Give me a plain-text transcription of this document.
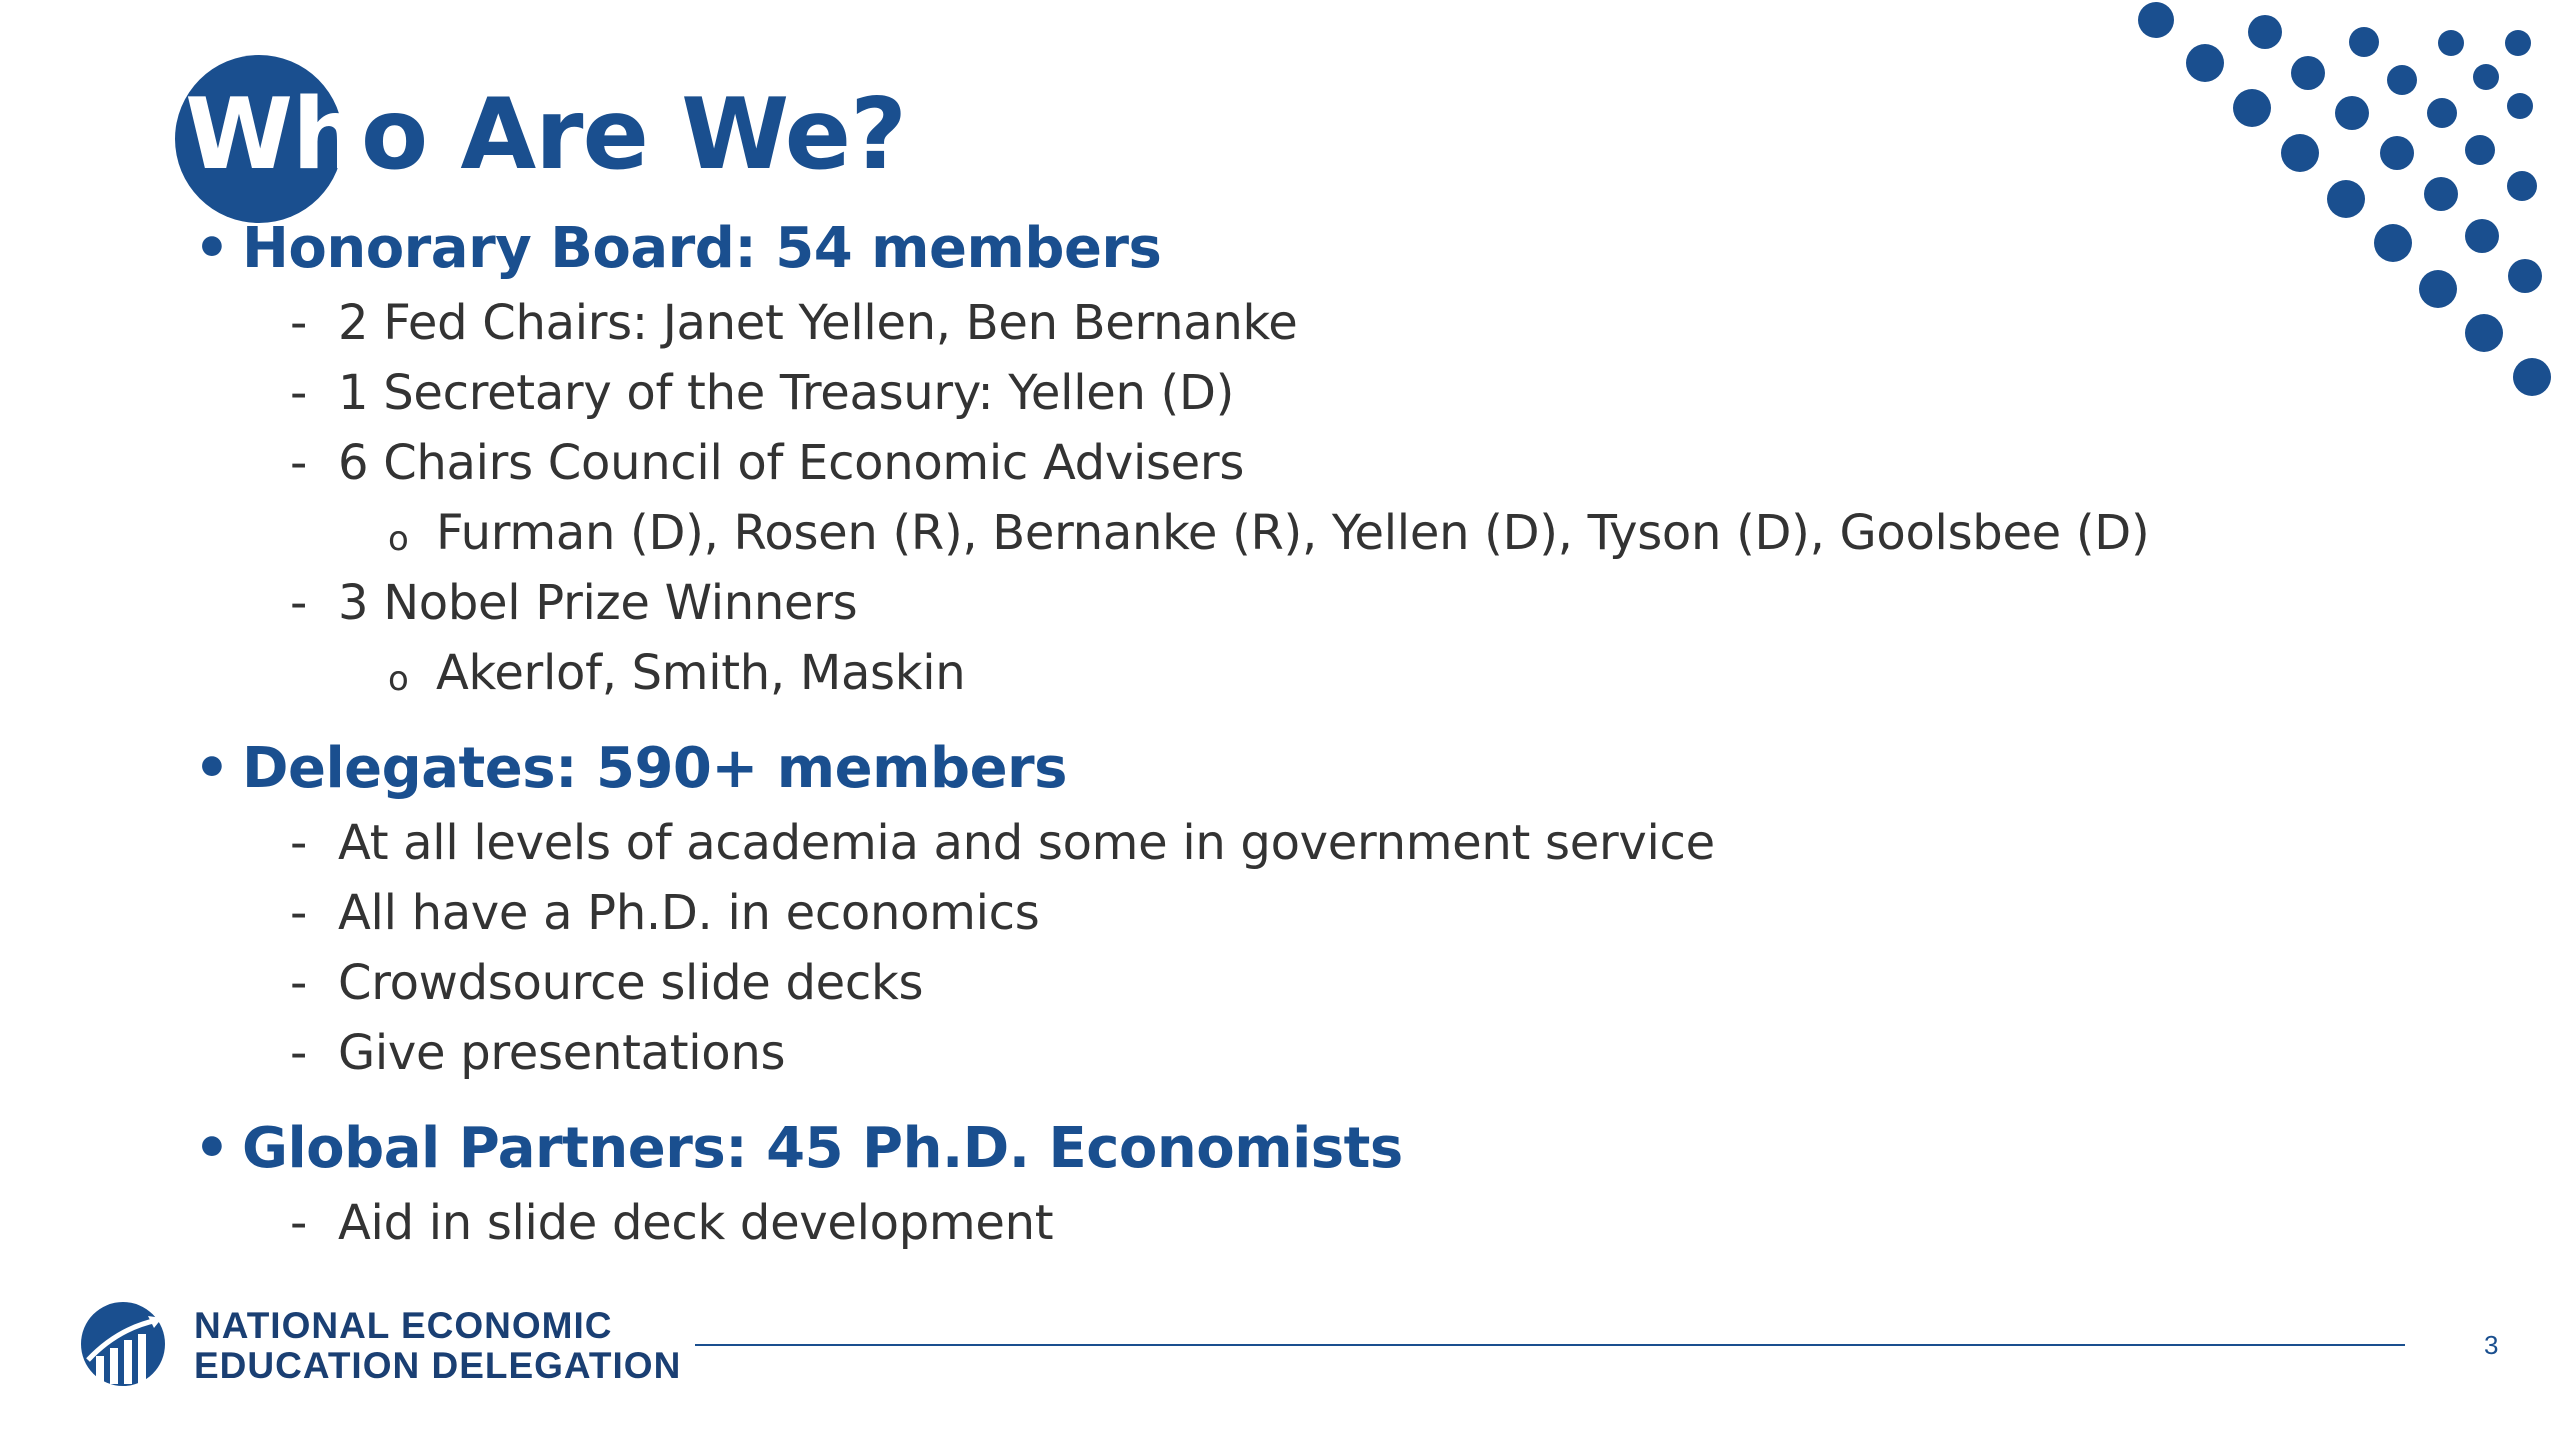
Who Are We?
• Honorary Board: 54 members
- 2 Fed Chairs: Janet Yellen, Ben Bernanke
- 1 Secretary of the Treasury: Yellen (D)
- 6 Chairs Council of Economic Advisers
o Furman (D), Rosen (R), Bernanke (R), Yellen (D), Tyson (D), Goolsbee (D)
- 3 Nobel Prize Winners
o Akerlof, Smith, Maskin
• Delegates: 590+ members
- At all levels of academia and some in government service
- All have a Ph.D. in economics
- Crowdsource slide decks
- Give presentations
• Global Partners: 45 Ph.D. Economists
- Aid in slide deck development
NATIONAL ECONOMIC
EDUCATION DELEGATION	3
